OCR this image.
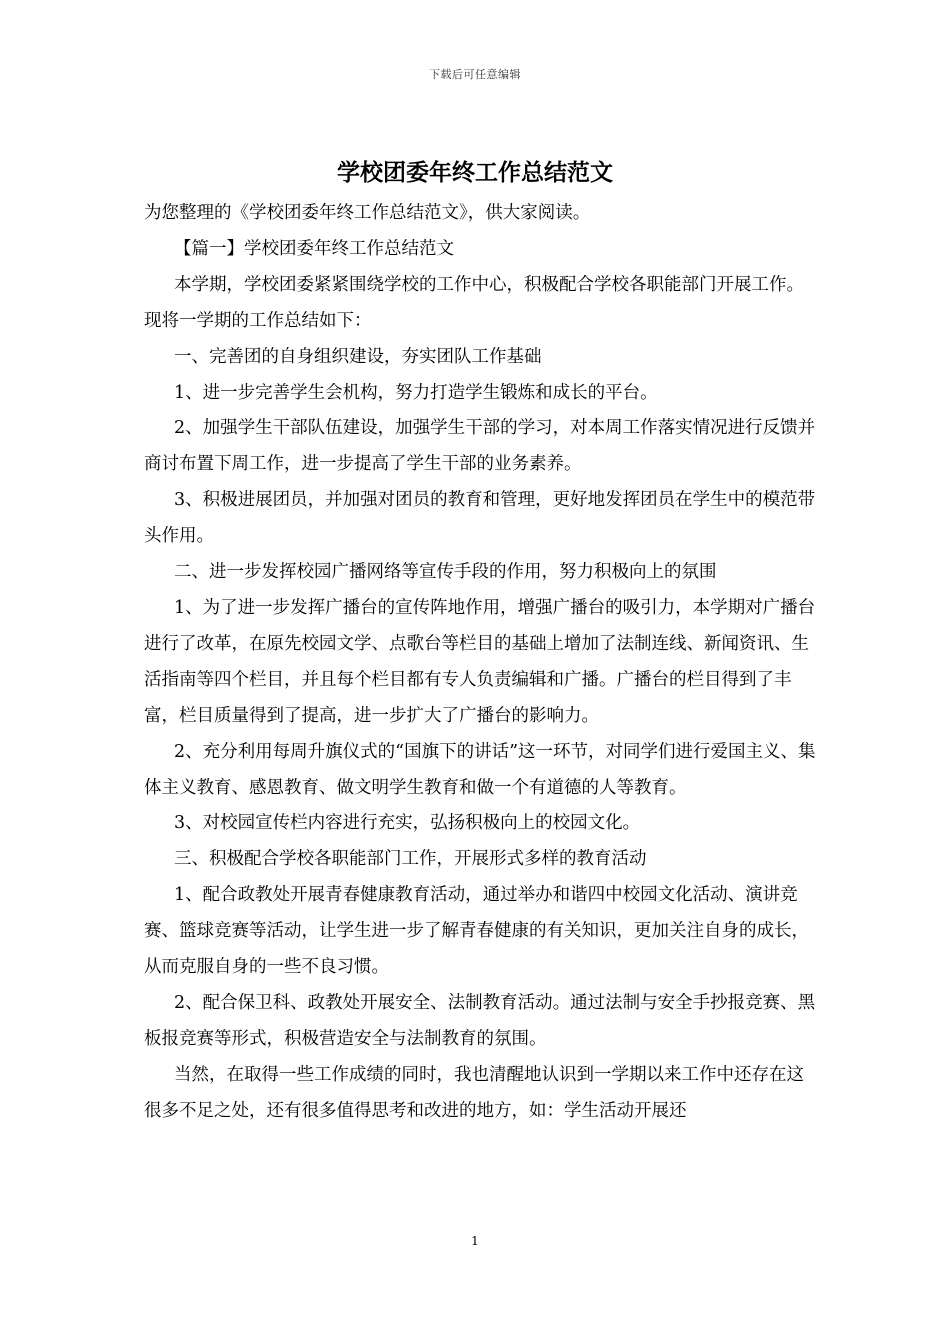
下载后可任意编辑
学校团委年终工作总结范文

为您整理的《学校团委年终工作总结范文》，供大家阅读。

【篇一】学校团委年终工作总结范文

本学期，学校团委紧紧围绕学校的工作中心，积极配合学校各职能部门开展工作。现将一学期的工作总结如下：

一、完善团的自身组织建设，夯实团队工作基础

1、进一步完善学生会机构，努力打造学生锻炼和成长的平台。

2、加强学生干部队伍建设，加强学生干部的学习，对本周工作落实情况进行反馈并商讨布置下周工作，进一步提高了学生干部的业务素养。

3、积极进展团员，并加强对团员的教育和管理，更好地发挥团员在学生中的模范带头作用。

二、进一步发挥校园广播网络等宣传手段的作用，努力积极向上的氛围

1、为了进一步发挥广播台的宣传阵地作用，增强广播台的吸引力，本学期对广播台进行了改革，在原先校园文学、点歌台等栏目的基础上增加了法制连线、新闻资讯、生活指南等四个栏目，并且每个栏目都有专人负责编辑和广播。广播台的栏目得到了丰富，栏目质量得到了提高，进一步扩大了广播台的影响力。

2、充分利用每周升旗仪式的“国旗下的讲话”这一环节，对同学们进行爱国主义、集体主义教育、感恩教育、做文明学生教育和做一个有道德的人等教育。

3、对校园宣传栏内容进行充实，弘扬积极向上的校园文化。

三、积极配合学校各职能部门工作，开展形式多样的教育活动

1、配合政教处开展青春健康教育活动，通过举办和谐四中校园文化活动、演讲竞赛、篮球竞赛等活动，让学生进一步了解青春健康的有关知识，更加关注自身的成长，从而克服自身的一些不良习惯。

2、配合保卫科、政教处开展安全、法制教育活动。通过法制与安全手抄报竞赛、黑板报竞赛等形式，积极营造安全与法制教育的氛围。

当然，在取得一些工作成绩的同时，我也清醒地认识到一学期以来工作中还存在这很多不足之处，还有很多值得思考和改进的地方，如：学生活动开展还

1
